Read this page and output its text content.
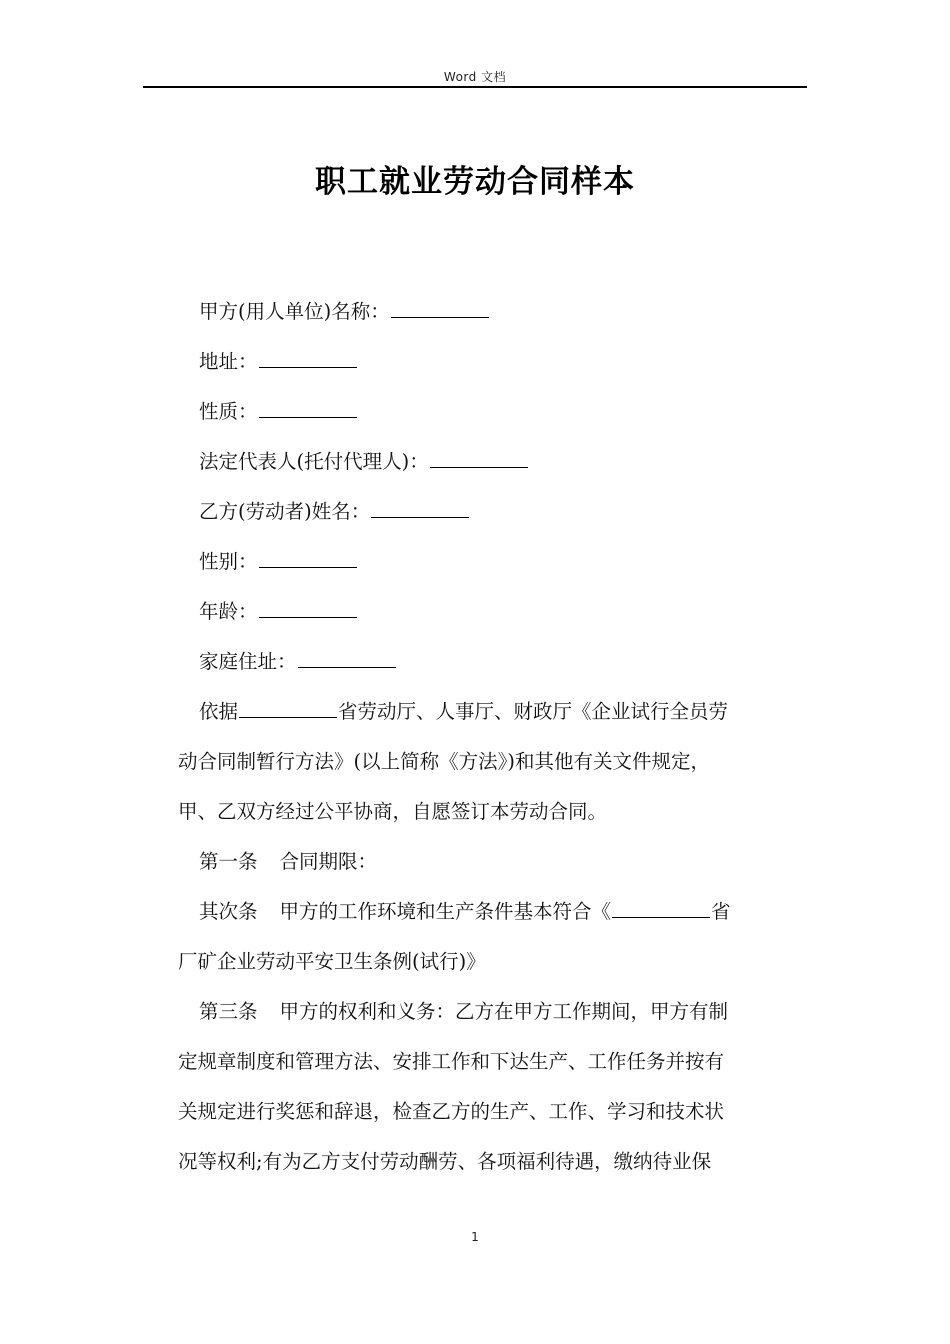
Word 文档
职工就业劳动合同样本
甲方(用人单位)名称：
地址：
性质：
法定代表人(托付代理人)：
乙方(劳动者)姓名：
性别：
年龄：
家庭住址：
依据	省劳动厅、人事厅、财政厅《企业试行全员劳
动合同制暂行方法》(以上简称《方法》)和其他有关文件规定，
甲、乙双方经过公平协商，自愿签订本劳动合同。
第一条 合同期限：
其次条 甲方的工作环境和生产条件基本符合《	省
厂矿企业劳动平安卫生条例(试行)》
第三条 甲方的权利和义务：乙方在甲方工作期间，甲方有制
定规章制度和管理方法、安排工作和下达生产、工作任务并按有
关规定进行奖惩和辞退，检查乙方的生产、工作、学习和技术状
况等权利;有为乙方支付劳动酬劳、各项福利待遇，缴纳待业保
1
